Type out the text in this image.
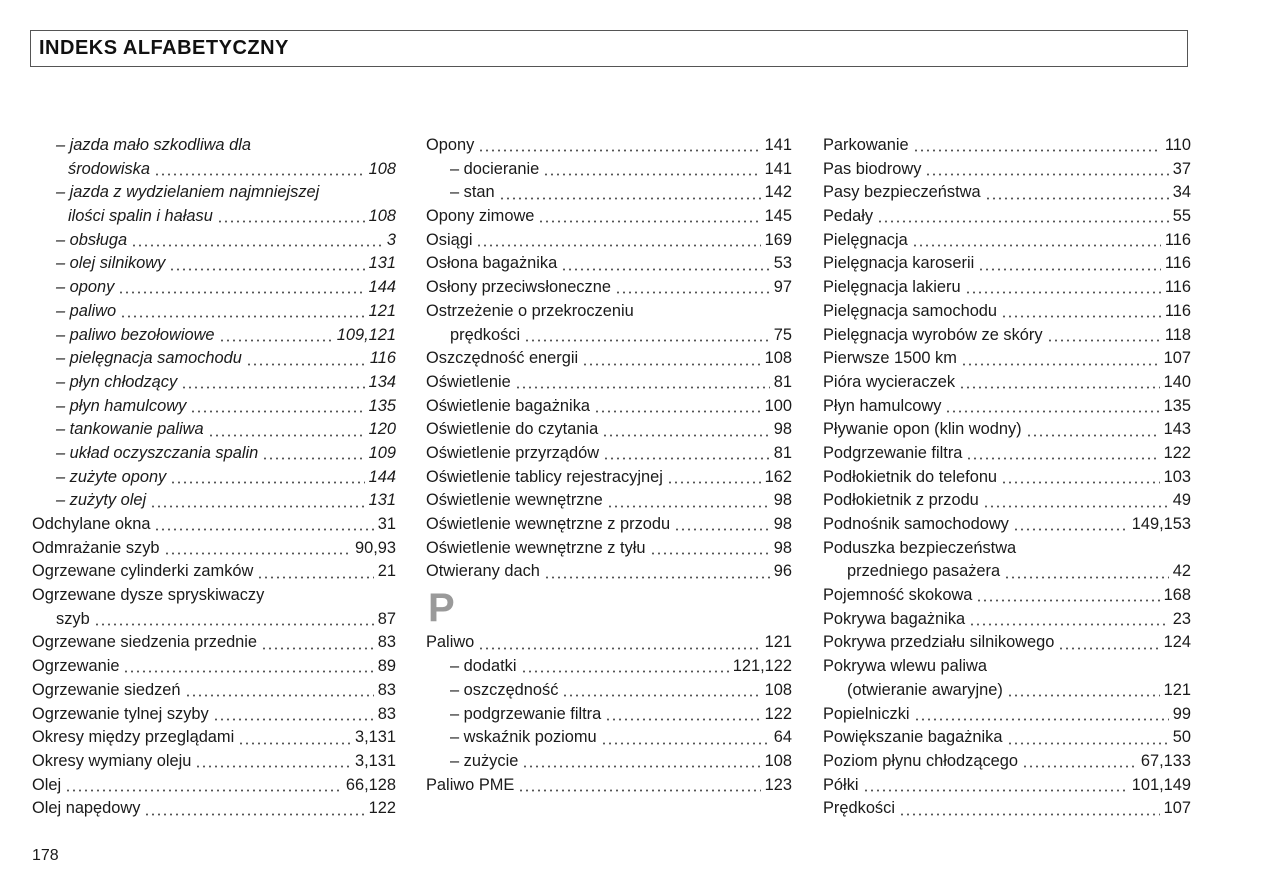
INDEKS ALFABETYCZNY
– jazda mało szkodliwa dla
środowiska	108
– jazda z wydzielaniem najmniejszej
ilości spalin i hałasu	108
– obsługa	3
– olej silnikowy	131
– opony	144
– paliwo	121
– paliwo bezołowiowe	109,121
– pielęgnacja samochodu	116
– płyn chłodzący	134
– płyn hamulcowy	135
– tankowanie paliwa	120
– układ oczyszczania spalin	109
– zużyte opony	144
– zużyty olej	131
Odchylane okna	31
Odmrażanie szyb	90,93
Ogrzewane cylinderki zamków	21
Ogrzewane dysze spryskiwaczy
szyb	87
Ogrzewane siedzenia przednie	83
Ogrzewanie	89
Ogrzewanie siedzeń	83
Ogrzewanie tylnej szyby	83
Okresy między przeglądami	3,131
Okresy wymiany oleju	3,131
Olej	66,128
Olej napędowy	122
Opony	141
– docieranie	141
– stan	142
Opony zimowe	145
Osiągi	169
Osłona bagażnika	53
Osłony przeciwsłoneczne	97
Ostrzeżenie o przekroczeniu
prędkości	75
Oszczędność energii	108
Oświetlenie	81
Oświetlenie bagażnika	100
Oświetlenie do czytania	98
Oświetlenie przyrządów	81
Oświetlenie tablicy rejestracyjnej	162
Oświetlenie wewnętrzne	98
Oświetlenie wewnętrzne z przodu	98
Oświetlenie wewnętrzne z tyłu	98
Otwierany dach	96
P
Paliwo	121
– dodatki	121,122
– oszczędność	108
– podgrzewanie filtra	122
– wskaźnik poziomu	64
– zużycie	108
Paliwo PME	123
Parkowanie	110
Pas biodrowy	37
Pasy bezpieczeństwa	34
Pedały	55
Pielęgnacja	116
Pielęgnacja karoserii	116
Pielęgnacja lakieru	116
Pielęgnacja samochodu	116
Pielęgnacja wyrobów ze skóry	118
Pierwsze 1500 km	107
Pióra wycieraczek	140
Płyn hamulcowy	135
Pływanie opon (klin wodny)	143
Podgrzewanie filtra	122
Podłokietnik do telefonu	103
Podłokietnik z przodu	49
Podnośnik samochodowy	149,153
Poduszka bezpieczeństwa
przedniego pasażera	42
Pojemność skokowa	168
Pokrywa bagażnika	23
Pokrywa przedziału silnikowego	124
Pokrywa wlewu paliwa
(otwieranie awaryjne)	121
Popielniczki	99
Powiększanie bagażnika	50
Poziom płynu chłodzącego	67,133
Półki	101,149
Prędkości	107
178
